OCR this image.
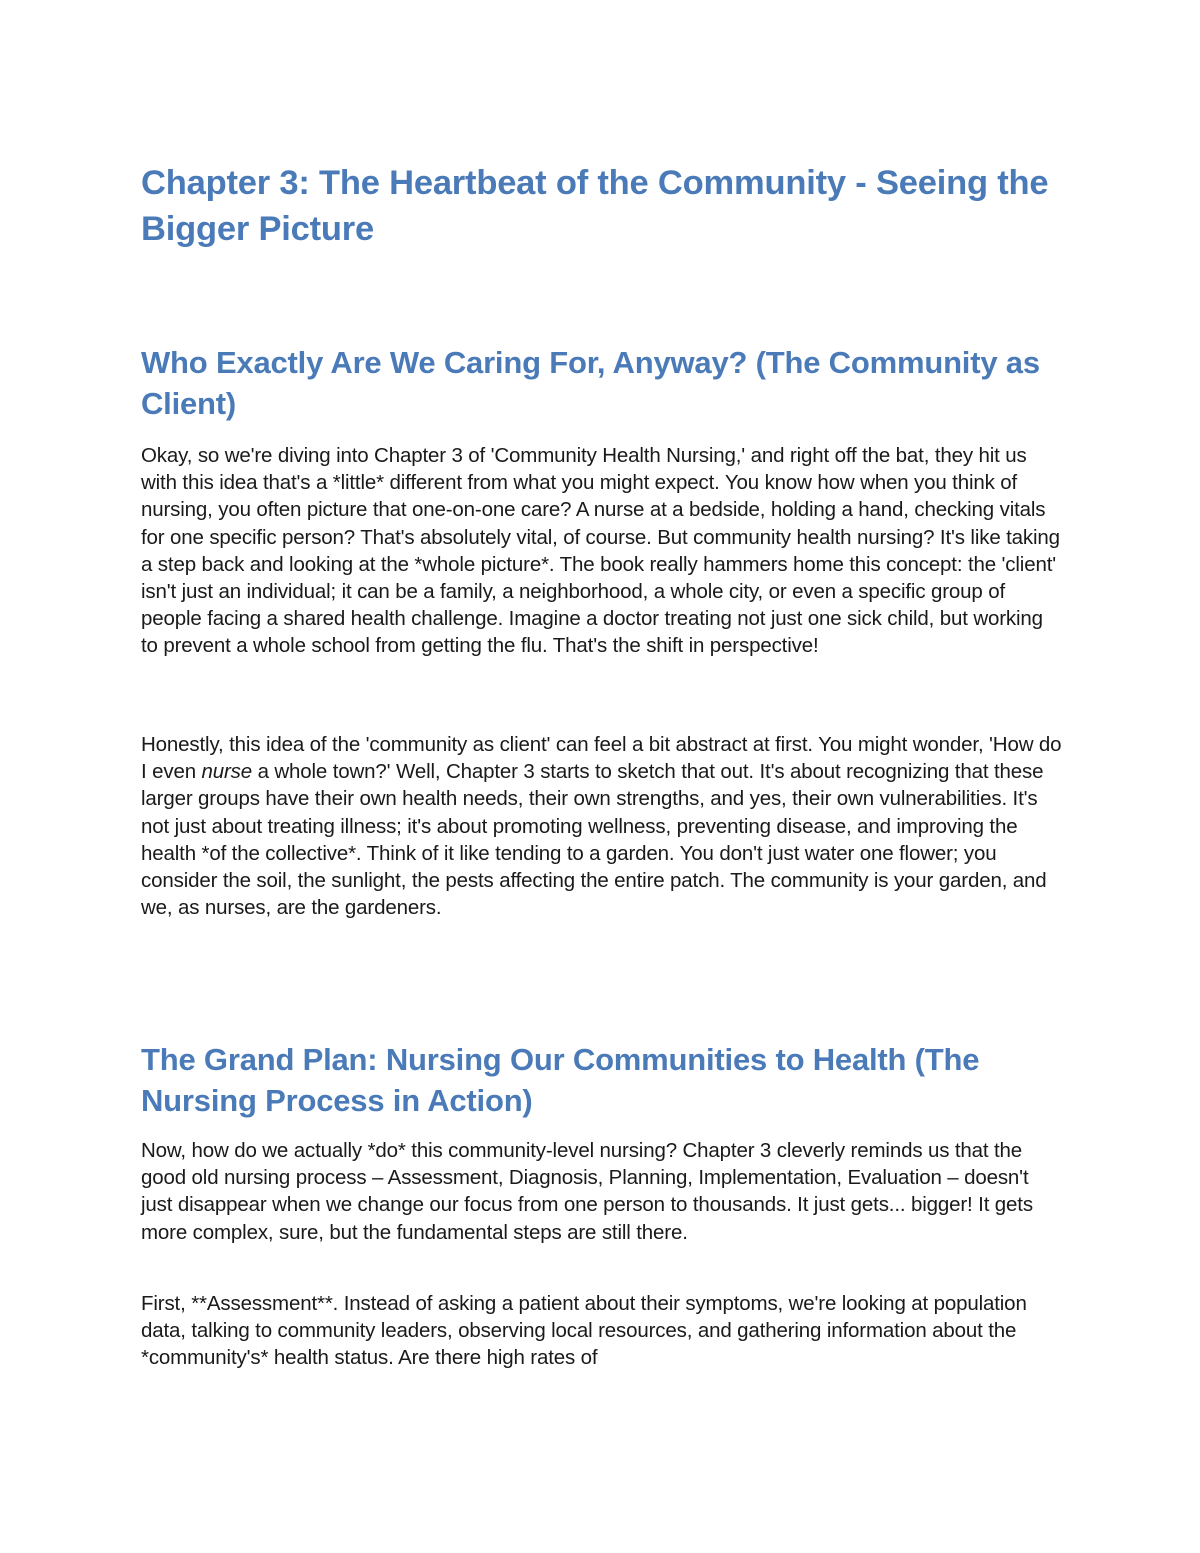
Chapter 3: The Heartbeat of the Community - Seeing the Bigger Picture
Who Exactly Are We Caring For, Anyway? (The Community as Client)

Okay, so we're diving into Chapter 3 of 'Community Health Nursing,' and right off the bat, they hit us with this idea that's a *little* different from what you might expect. You know how when you think of nursing, you often picture that one-on-one care? A nurse at a bedside, holding a hand, checking vitals for one specific person? That's absolutely vital, of course. But community health nursing? It's like taking a step back and looking at the *whole picture*. The book really hammers home this concept: the 'client' isn't just an individual; it can be a family, a neighborhood, a whole city, or even a specific group of people facing a shared health challenge. Imagine a doctor treating not just one sick child, but working to prevent a whole school from getting the flu. That's the shift in perspective!

Honestly, this idea of the 'community as client' can feel a bit abstract at first. You might wonder, 'How do I even nurse a whole town?' Well, Chapter 3 starts to sketch that out. It's about recognizing that these larger groups have their own health needs, their own strengths, and yes, their own vulnerabilities. It's not just about treating illness; it's about promoting wellness, preventing disease, and improving the health *of the collective*. Think of it like tending to a garden. You don't just water one flower; you consider the soil, the sunlight, the pests affecting the entire patch. The community is your garden, and we, as nurses, are the gardeners.

The Grand Plan: Nursing Our Communities to Health (The Nursing Process in Action)

Now, how do we actually *do* this community-level nursing? Chapter 3 cleverly reminds us that the good old nursing process – Assessment, Diagnosis, Planning, Implementation, Evaluation – doesn't just disappear when we change our focus from one person to thousands. It just gets... bigger! It gets more complex, sure, but the fundamental steps are still there.

First, **Assessment**. Instead of asking a patient about their symptoms, we're looking at population data, talking to community leaders, observing local resources, and gathering information about the *community's* health status. Are there high rates of
